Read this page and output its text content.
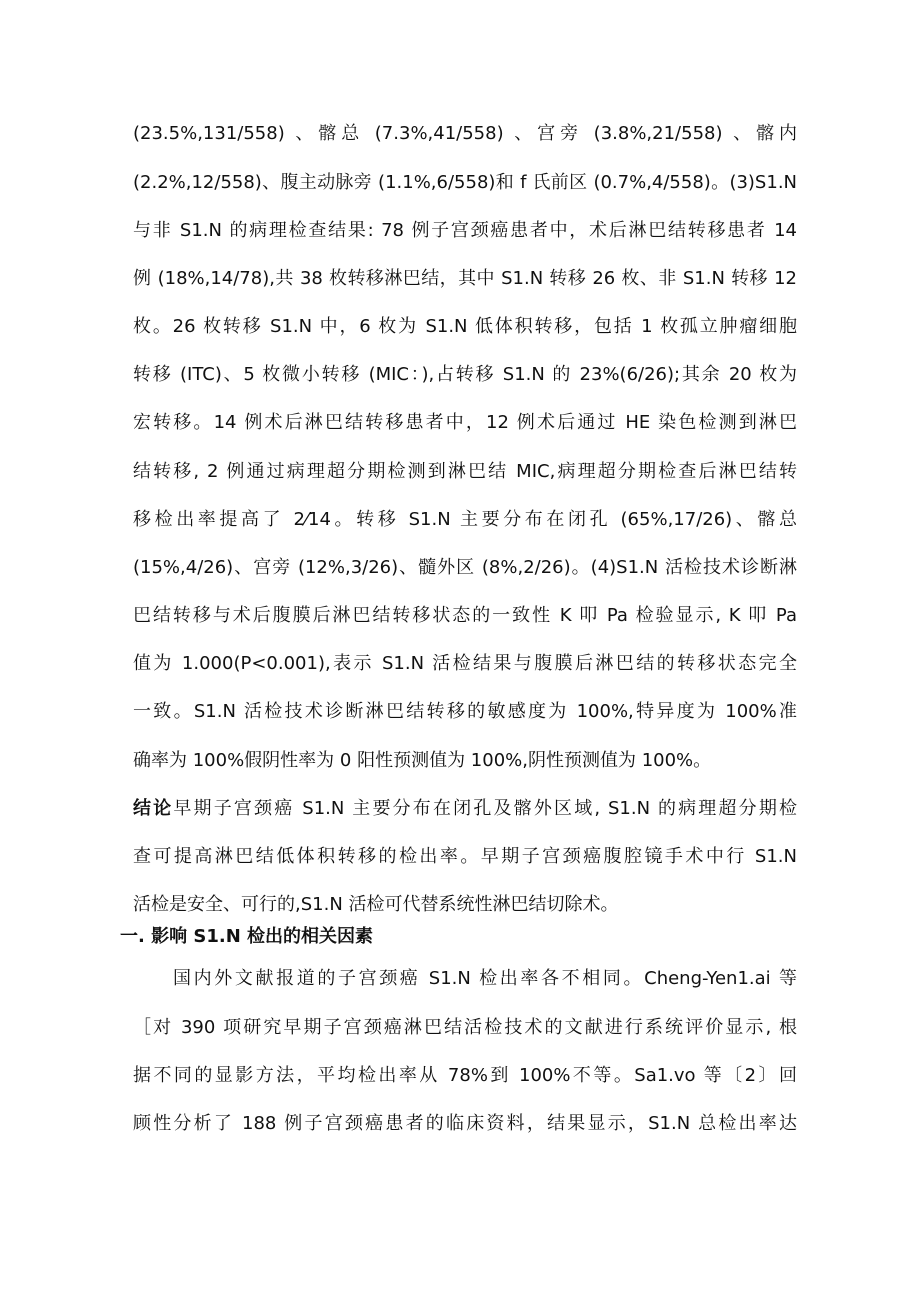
(23.5%,131/558) 、髂总 (7.3%,41/558) 、宫旁 (3.8%,21/558) 、髂内
(2.2%,12/558)、腹主动脉旁 (1.1%,6/558)和 f 氏前区 (0.7%,4/558)。(3)S1.N
与非 S1.N 的病理检查结果: 78 例子宫颈癌患者中，术后淋巴结转移患者 14
例 (18%,14/78),共 38 枚转移淋巴结，其中 S1.N 转移 26 枚、非 S1.N 转移 12
枚。26 枚转移 S1.N 中，6 枚为 S1.N 低体积转移，包括 1 枚孤立肿瘤细胞
转移 (ITC)、5 枚微小转移 (MIC：),占转移 S1.N 的 23%(6/26);其余 20 枚为
宏转移。14 例术后淋巴结转移患者中，12 例术后通过 HE 染色检测到淋巴
结转移, 2 例通过病理超分期检测到淋巴结 MIC,病理超分期检查后淋巴结转
移检出率提高了 2⁄14。转移 S1.N 主要分布在闭孔 (65%,17/26)、髂总
(15%,4/26)、宫旁 (12%,3/26)、髓外区 (8%,2/26)。(4)S1.N 活检技术诊断淋
巴结转移与术后腹膜后淋巴结转移状态的一致性 K 叩 Pa 检验显示, K 叩 Pa
值为 1.000(P<0.001),表示 S1.N 活检结果与腹膜后淋巴结的转移状态完全
一致。S1.N 活检技术诊断淋巴结转移的敏感度为 100%,特异度为 100%准
确率为 100%假阴性率为 0 阳性预测值为 100%,阴性预测值为 100%。
结论早期子宫颈癌 S1.N 主要分布在闭孔及髂外区域, S1.N 的病理超分期检
查可提高淋巴结低体积转移的检出率。早期子宫颈癌腹腔镜手术中行 S1.N
活检是安全、可行的,S1.N 活检可代替系统性淋巴结切除术。
一. 影响 S1.N 检出的相关因素
国内外文献报道的子宫颈癌 S1.N 检出率各不相同。Cheng-Yen1.ai 等
［对 390 项研究早期子宫颈癌淋巴结活检技术的文献进行系统评价显示, 根
据不同的显影方法，平均检出率从 78%到 100%不等。Sa1.vo 等〔2〕回
顾性分析了 188 例子宫颈癌患者的临床资料，结果显示，S1.N 总检出率达
